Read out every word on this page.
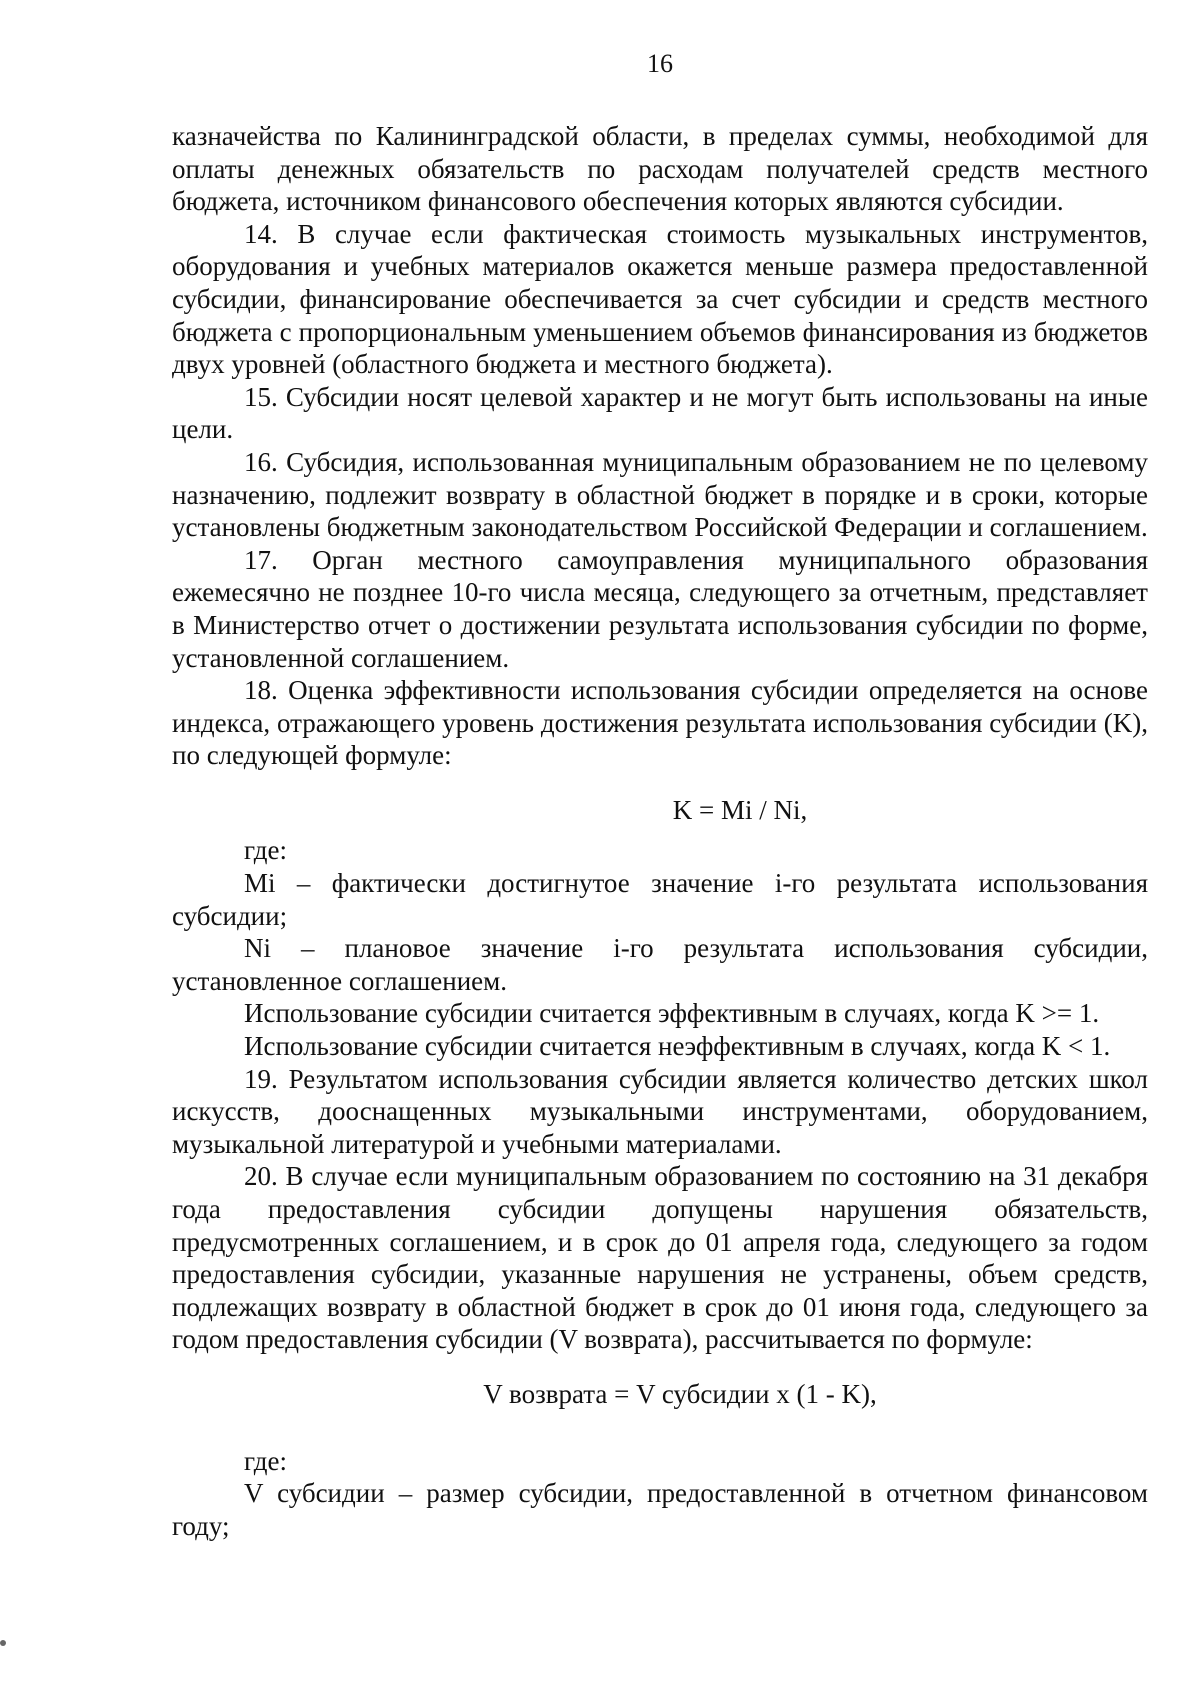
16

казначейства по Калининградской области, в пределах суммы, необходимой для оплаты денежных обязательств по расходам получателей средств местного бюджета, источником финансового обеспечения которых являются субсидии.

14. В случае если фактическая стоимость музыкальных инструментов, оборудования и учебных материалов окажется меньше размера предоставленной субсидии, финансирование обеспечивается за счет субсидии и средств местного бюджета с пропорциональным уменьшением объемов финансирования из бюджетов двух уровней (областного бюджета и местного бюджета).

15. Субсидии носят целевой характер и не могут быть использованы на иные цели.

16. Субсидия, использованная муниципальным образованием не по целевому назначению, подлежит возврату в областной бюджет в порядке и в сроки, которые установлены бюджетным законодательством Российской Федерации и соглашением.

17. Орган местного самоуправления муниципального образования ежемесячно не позднее 10-го числа месяца, следующего за отчетным, представляет в Министерство отчет о достижении результата использования субсидии по форме, установленной соглашением.

18. Оценка эффективности использования субсидии определяется на основе индекса, отражающего уровень достижения результата использования субсидии (K), по следующей формуле:

K = Mi / Ni,

где:

Mi – фактически достигнутое значение i-го результата использования субсидии;

Ni – плановое значение i-го результата использования субсидии, установленное соглашением.

Использование субсидии считается эффективным в случаях, когда K >= 1.

Использование субсидии считается неэффективным в случаях, когда K < 1.

19. Результатом использования субсидии является количество детских школ искусств, дооснащенных музыкальными инструментами, оборудованием, музыкальной литературой и учебными материалами.

20. В случае если муниципальным образованием по состоянию на 31 декабря года предоставления субсидии допущены нарушения обязательств, предусмотренных соглашением, и в срок до 01 апреля года, следующего за годом предоставления субсидии, указанные нарушения не устранены, объем средств, подлежащих возврату в областной бюджет в срок до 01 июня года, следующего за годом предоставления субсидии (V возврата), рассчитывается по формуле:

V возврата = V субсидии x (1 - K),

где:

V субсидии – размер субсидии, предоставленной в отчетном финансовом году;
